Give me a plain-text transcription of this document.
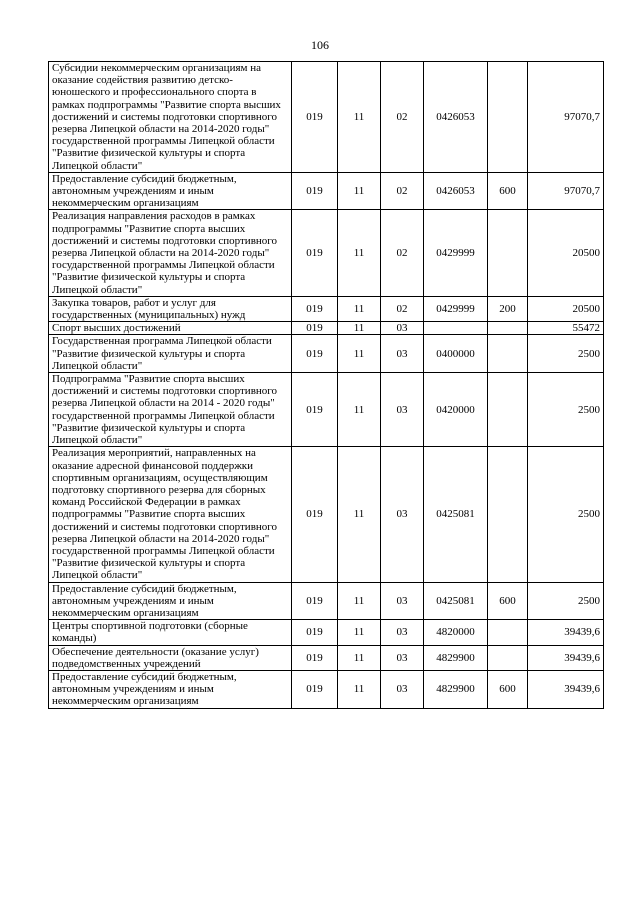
106
Субсидии некоммерческим организациям на оказание содействия развитию детско-юношеского и профессионального спорта в рамках подпрограммы "Развитие спорта высших достижений и системы подготовки спортивного резерва Липецкой области на 2014-2020 годы" государственной программы Липецкой области "Развитие физической культуры и спорта Липецкой области"	019	11	02	0426053		97070,7
Предоставление субсидий бюджетным, автономным учреждениям и иным некоммерческим организациям	019	11	02	0426053	600	97070,7
Реализация направления расходов в рамках подпрограммы "Развитие спорта высших достижений и системы подготовки спортивного резерва Липецкой области на 2014-2020 годы" государственной программы Липецкой области "Развитие физической культуры и спорта Липецкой области"	019	11	02	0429999		20500
Закупка товаров, работ и услуг для государственных (муниципальных) нужд	019	11	02	0429999	200	20500
Спорт высших достижений	019	11	03			55472
Государственная программа Липецкой области "Развитие физической культуры и спорта Липецкой области"	019	11	03	0400000		2500
Подпрограмма "Развитие спорта высших достижений и системы подготовки спортивного резерва Липецкой области на 2014 - 2020 годы" государственной программы Липецкой области "Развитие физической культуры и спорта Липецкой области"	019	11	03	0420000		2500
Реализация мероприятий, направленных на оказание адресной финансовой поддержки спортивным организациям, осуществляющим подготовку спортивного резерва для сборных команд Российской Федерации в рамках подпрограммы "Развитие спорта высших достижений и системы подготовки спортивного резерва Липецкой области на 2014-2020 годы" государственной программы Липецкой области "Развитие физической культуры и спорта Липецкой области"	019	11	03	0425081		2500
Предоставление субсидий бюджетным, автономным учреждениям и иным некоммерческим организациям	019	11	03	0425081	600	2500
Центры спортивной подготовки (сборные команды)	019	11	03	4820000		39439,6
Обеспечение деятельности (оказание услуг) подведомственных учреждений	019	11	03	4829900		39439,6
Предоставление субсидий бюджетным, автономным учреждениям и иным некоммерческим организациям	019	11	03	4829900	600	39439,6
